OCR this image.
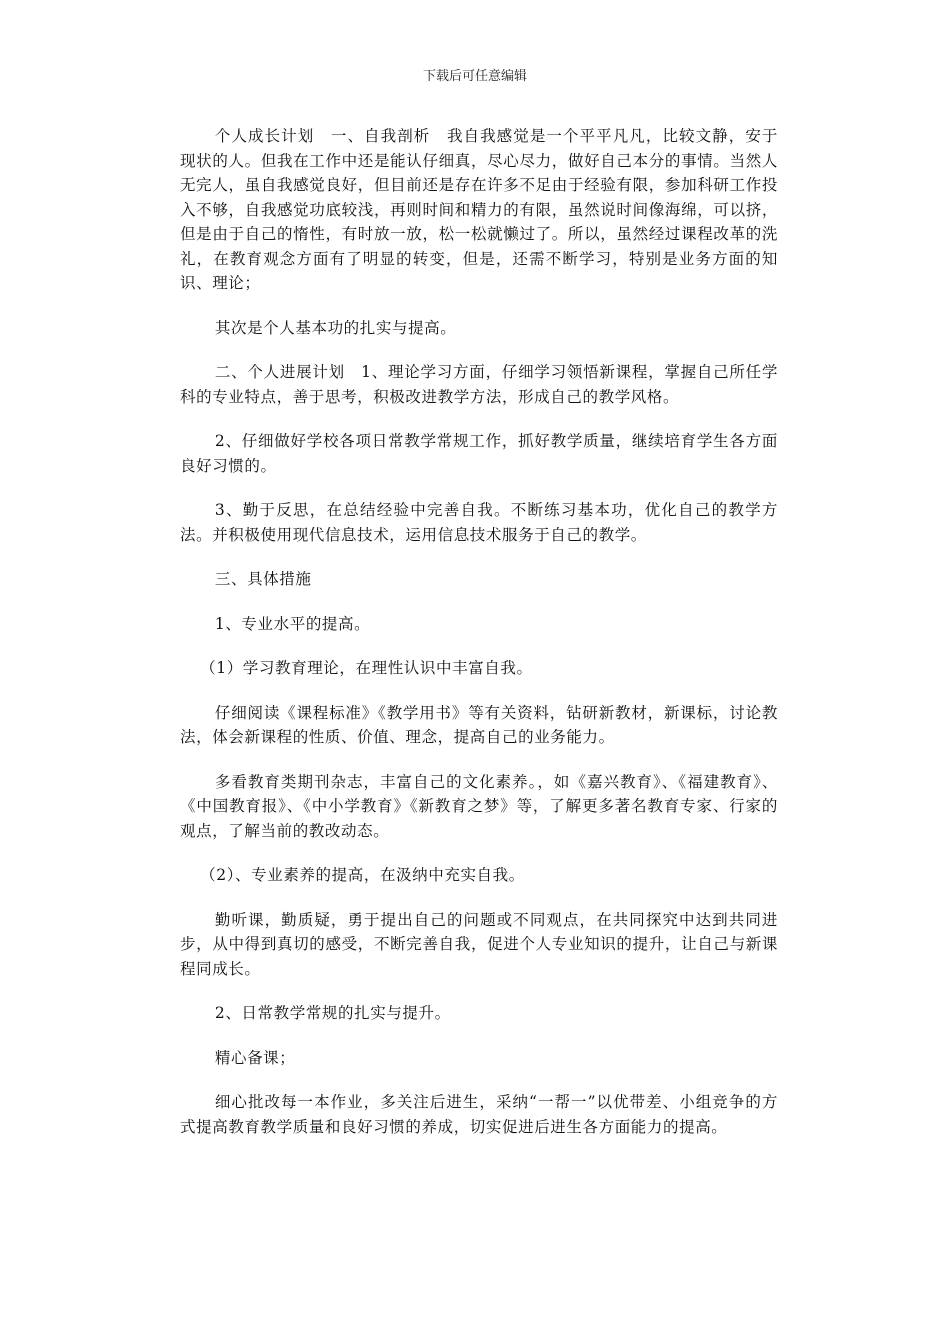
下载后可任意编辑

个人成长计划　一、自我剖析　我自我感觉是一个平平凡凡，比较文静，安于现状的人。但我在工作中还是能认仔细真，尽心尽力，做好自己本分的事情。当然人无完人，虽自我感觉良好，但目前还是存在许多不足由于经验有限，参加科研工作投入不够，自我感觉功底较浅，再则时间和精力的有限，虽然说时间像海绵，可以挤，但是由于自己的惰性，有时放一放，松一松就懒过了。所以，虽然经过课程改革的洗礼，在教育观念方面有了明显的转变，但是，还需不断学习，特别是业务方面的知识、理论；

其次是个人基本功的扎实与提高。

二、个人进展计划　1、理论学习方面，仔细学习领悟新课程，掌握自己所任学科的专业特点，善于思考，积极改进教学方法，形成自己的教学风格。

2、仔细做好学校各项日常教学常规工作，抓好教学质量，继续培育学生各方面良好习惯的。

3、勤于反思，在总结经验中完善自我。不断练习基本功，优化自己的教学方法。并积极使用现代信息技术，运用信息技术服务于自己的教学。

三、具体措施

1、专业水平的提高。

（1）学习教育理论，在理性认识中丰富自我。

仔细阅读《课程标准》《教学用书》等有关资料，钻研新教材，新课标，讨论教法，体会新课程的性质、价值、理念，提高自己的业务能力。

多看教育类期刊杂志，丰富自己的文化素养。，如《嘉兴教育》、《福建教育》、《中国教育报》、《中小学教育》《新教育之梦》等，了解更多著名教育专家、行家的观点，了解当前的教改动态。

（2）、专业素养的提高，在汲纳中充实自我。

勤听课，勤质疑，勇于提出自己的问题或不同观点，在共同探究中达到共同进步，从中得到真切的感受，不断完善自我，促进个人专业知识的提升，让自己与新课程同成长。

2、日常教学常规的扎实与提升。

精心备课；

细心批改每一本作业，多关注后进生，采纳“一帮一”以优带差、小组竞争的方式提高教育教学质量和良好习惯的养成，切实促进后进生各方面能力的提高。
